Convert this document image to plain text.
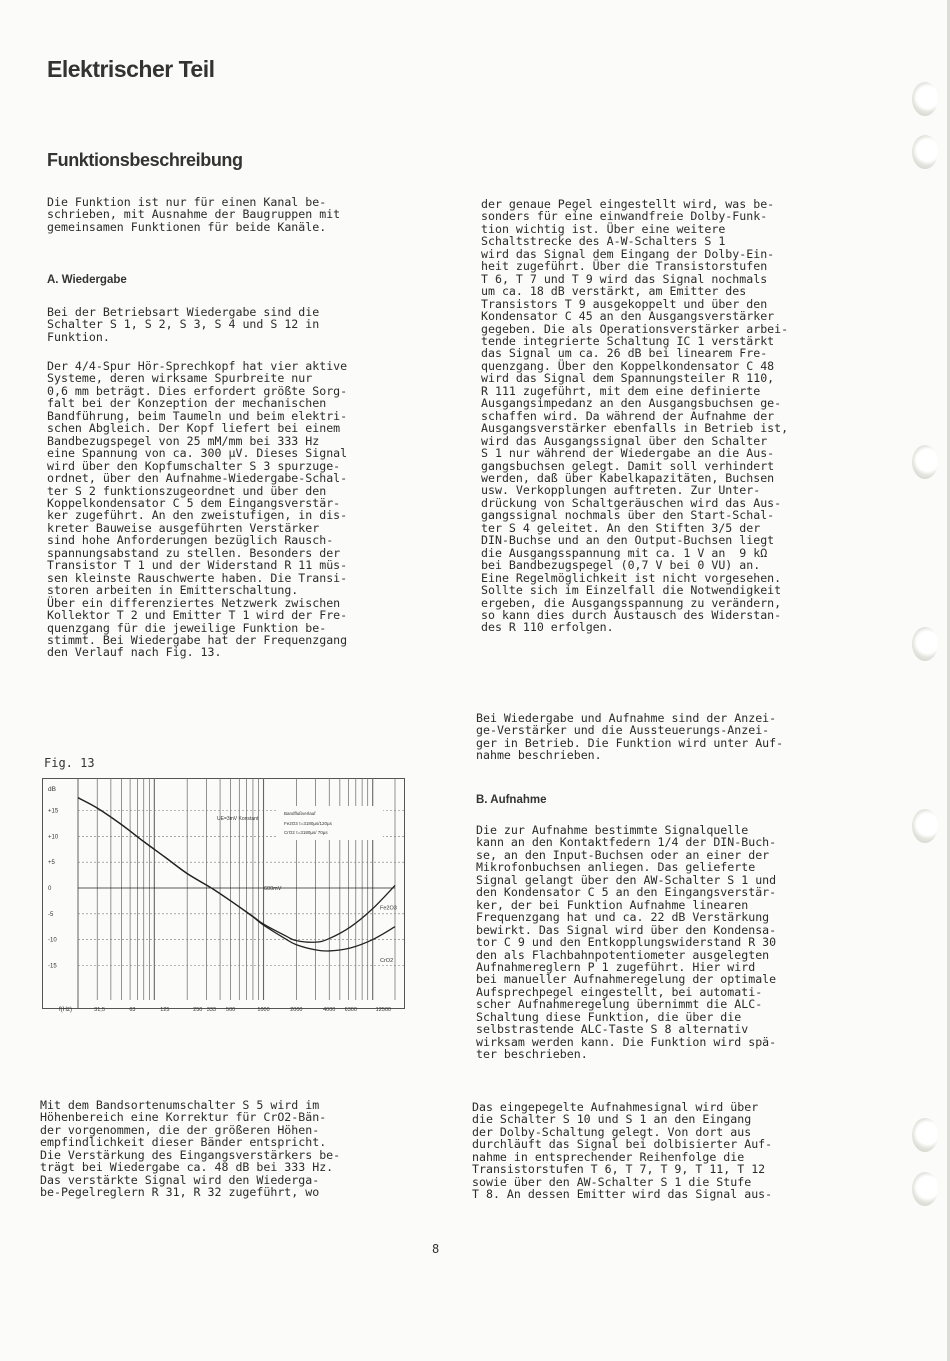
Elektrischer Teil
Funktionsbeschreibung
Die Funktion ist nur für einen Kanal be-
schrieben, mit Ausnahme der Baugruppen mit
gemeinsamen Funktionen für beide Kanäle.
A. Wiedergabe
Bei der Betriebsart Wiedergabe sind die
Schalter S 1, S 2, S 3, S 4 und S 12 in
Funktion.
Der 4/4-Spur Hör-Sprechkopf hat vier aktive
Systeme, deren wirksame Spurbreite nur
0,6 mm beträgt. Dies erfordert größte Sorg-
falt bei der Konzeption der mechanischen
Bandführung, beim Taumeln und beim elektri-
schen Abgleich. Der Kopf liefert bei einem
Bandbezugspegel von 25 mM/mm bei 333 Hz
eine Spannung von ca. 300 µV. Dieses Signal
wird über den Kopfumschalter S 3 spurzuge-
ordnet, über den Aufnahme-Wiedergabe-Schal-
ter S 2 funktionszugeordnet und über den
Koppelkondensator C 5 dem Eingangsverstär-
ker zugeführt. An den zweistufigen, in dis-
kreter Bauweise ausgeführten Verstärker
sind hohe Anforderungen bezüglich Rausch-
spannungsabstand zu stellen. Besonders der
Transistor T 1 und der Widerstand R 11 müs-
sen kleinste Rauschwerte haben. Die Transi-
storen arbeiten in Emitterschaltung.
Über ein differenziertes Netzwerk zwischen
Kollektor T 2 und Emitter T 1 wird der Fre-
quenzgang für die jeweilige Funktion be-
stimmt. Bei Wiedergabe hat der Frequenzgang
den Verlauf nach Fig. 13.
Fig. 13
dB
+15
+10
+5
0
-5
-10
-15
f(Hz)	31,5	63	125	250 333 500	1000	2000	4000 6300	12500
UE=3mV Konstant
Bandflußverlauf
Fe2O3 τ=3180µs/120µs
CrO2 τ=3180µs/ 70µs
600mV
Fe2O3
CrO2
Mit dem Bandsortenumschalter S 5 wird im
Höhenbereich eine Korrektur für CrO2-Bän-
der vorgenommen, die der größeren Höhen-
empfindlichkeit dieser Bänder entspricht.
Die Verstärkung des Eingangsverstärkers be-
trägt bei Wiedergabe ca. 48 dB bei 333 Hz.
Das verstärkte Signal wird den Wiederga-
be-Pegelreglern R 31, R 32 zugeführt, wo
der genaue Pegel eingestellt wird, was be-
sonders für eine einwandfreie Dolby-Funk-
tion wichtig ist. Über eine weitere
Schaltstrecke des A-W-Schalters S 1
wird das Signal dem Eingang der Dolby-Ein-
heit zugeführt. Über die Transistorstufen
T 6, T 7 und T 9 wird das Signal nochmals
um ca. 18 dB verstärkt, am Emitter des
Transistors T 9 ausgekoppelt und über den
Kondensator C 45 an den Ausgangsverstärker
gegeben. Die als Operationsverstärker arbei-
tende integrierte Schaltung IC 1 verstärkt
das Signal um ca. 26 dB bei linearem Fre-
quenzgang. Über den Koppelkondensator C 48
wird das Signal dem Spannungsteiler R 110,
R 111 zugeführt, mit dem eine definierte
Ausgangsimpedanz an den Ausgangsbuchsen ge-
schaffen wird. Da während der Aufnahme der
Ausgangsverstärker ebenfalls in Betrieb ist,
wird das Ausgangssignal über den Schalter
S 1 nur während der Wiedergabe an die Aus-
gangsbuchsen gelegt. Damit soll verhindert
werden, daß über Kabelkapazitäten, Buchsen
usw. Verkopplungen auftreten. Zur Unter-
drückung von Schaltgeräuschen wird das Aus-
gangssignal nochmals über den Start-Schal-
ter S 4 geleitet. An den Stiften 3/5 der
DIN-Buchse und an den Output-Buchsen liegt
die Ausgangsspannung mit ca. 1 V an  9 kΩ
bei Bandbezugspegel (0,7 V bei 0 VU) an.
Eine Regelmöglichkeit ist nicht vorgesehen.
Sollte sich im Einzelfall die Notwendigkeit
ergeben, die Ausgangsspannung zu verändern,
so kann dies durch Austausch des Widerstan-
des R 110 erfolgen.
Bei Wiedergabe und Aufnahme sind der Anzei-
ge-Verstärker und die Aussteuerungs-Anzei-
ger in Betrieb. Die Funktion wird unter Auf-
nahme beschrieben.
B. Aufnahme
Die zur Aufnahme bestimmte Signalquelle
kann an den Kontaktfedern 1/4 der DIN-Buch-
se, an den Input-Buchsen oder an einer der
Mikrofonbuchsen anliegen. Das gelieferte
Signal gelangt über den AW-Schalter S 1 und
den Kondensator C 5 an den Eingangsverstär-
ker, der bei Funktion Aufnahme linearen
Frequenzgang hat und ca. 22 dB Verstärkung
bewirkt. Das Signal wird über den Kondensa-
tor C 9 und den Entkopplungswiderstand R 30
den als Flachbahnpotentiometer ausgelegten
Aufnahmereglern P 1 zugeführt. Hier wird
bei manueller Aufnahmeregelung der optimale
Aufsprechpegel eingestellt, bei automati-
scher Aufnahmeregelung übernimmt die ALC-
Schaltung diese Funktion, die über die
selbstrastende ALC-Taste S 8 alternativ
wirksam werden kann. Die Funktion wird spä-
ter beschrieben.
Das eingepegelte Aufnahmesignal wird über
die Schalter S 10 und S 1 an den Eingang
der Dolby-Schaltung gelegt. Von dort aus
durchläuft das Signal bei dolbisierter Auf-
nahme in entsprechender Reihenfolge die
Transistorstufen T 6, T 7, T 9, T 11, T 12
sowie über den AW-Schalter S 1 die Stufe
T 8. An dessen Emitter wird das Signal aus-
8
